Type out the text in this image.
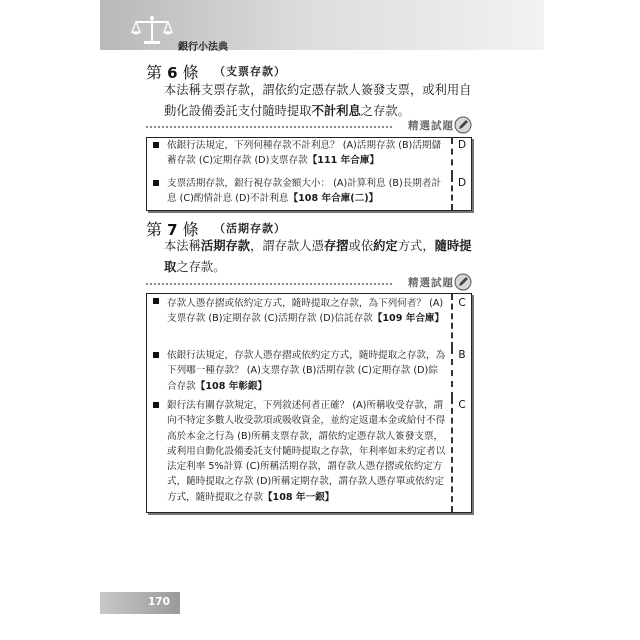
銀行小法典
第 6 條 （支票存款）
本法稱支票存款，謂依約定憑存款人簽發支票，或利用自動化設備委託支付隨時提取不計利息之存款。
精選試題
依銀行法規定，下列何種存款不計利息？ (A)活期存款 (B)活期儲蓄存款 (C)定期存款 (D)支票存款【111 年合庫】
D
支票活期存款，銀行視存款金額大小： (A)計算利息 (B)長期者計息 (C)酌情計息 (D)不計利息【108 年合庫(二)】
D
第 7 條 （活期存款）
本法稱活期存款，謂存款人憑存摺或依約定方式，隨時提取之存款。
精選試題
存款人憑存摺或依約定方式，隨時提取之存款，為下列何者？ (A)支票存款 (B)定期存款 (C)活期存款 (D)信託存款【109 年合庫】
C
依銀行法規定，存款人憑存摺或依約定方式，隨時提取之存款，為下列哪一種存款？ (A)支票存款 (B)活期存款 (C)定期存款 (D)綜合存款【108 年彰銀】
B
銀行法有關存款規定，下列敘述何者正確？ (A)所稱收受存款，謂向不特定多數人收受款項或吸收資金，並約定返還本金或給付不得高於本金之行為 (B)所稱支票存款，謂依約定憑存款人簽發支票，或利用自動化設備委託支付隨時提取之存款，年利率如未約定者以法定利率 5%計算 (C)所稱活期存款，謂存款人憑存摺或依約定方式，隨時提取之存款 (D)所稱定期存款，謂存款人憑存單或依約定方式，隨時提取之存款【108 年一銀】
C
170
